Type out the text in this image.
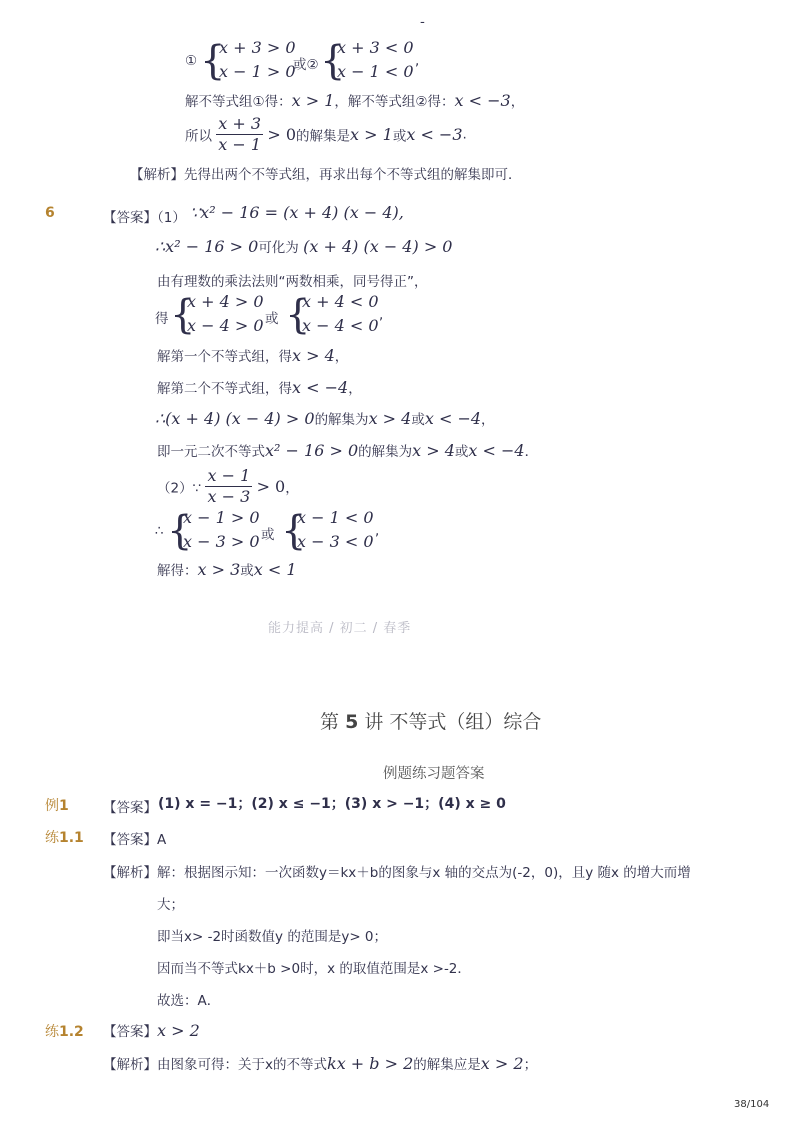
-
① {
x + 3 > 0
x − 1 > 0
或② {
x + 3 < 0
x − 1 < 0
,
解不等式组①得：x > 1，解不等式组②得：x < −3，
所以 $\frac{x + 3}{x - 1} > 0$的解集是x > 1或x < −3.
【解析】先得出两个不等式组，再求出每个不等式组的解集即可．
6	【答案】（1） ∵x² − 16 = (x + 4) (x − 4),
∴x² − 16 > 0可化为 (x + 4) (x − 4) > 0
由有理数的乘法法则“两数相乘，同号得正”，
得 {
x + 4 > 0
x − 4 > 0 或 {
x + 4 < 0
x − 4 < 0
,
解第一个不等式组，得x > 4，
解第二个不等式组，得x < −4，
∴(x + 4) (x − 4) > 0的解集为x > 4或x < −4，
即一元二次不等式x² − 16 > 0的解集为x > 4或x < −4．
（2）∵ $\frac{x - 1}{x - 3} > 0$，
∴ {
x − 1 > 0
x − 3 > 0 或 {
x − 1 < 0
x − 3 < 0
,
解得：x > 3或x < 1
能力提高 / 初二 / 春季
第 5 讲 不等式（组）综合
例题练习题答案
例1	【答案】 (1) x = −1；(2) x ≤ −1；(3) x > −1；(4) x ≥ 0
练1.1 【答案】A
【解析】解：根据图示知：一次函数y＝kx＋b的图象与x 轴的交点为(-2，0)，且y 随x 的增大而增
大；
即当x> -2时函数值y 的范围是y> 0；
因而当不等式kx＋b >0时，x 的取值范围是x >-2．
故选：A．
练1.2 【答案】x > 2
【解析】由图象可得：关于x的不等式kx + b > 2的解集应是x > 2；
38/104
